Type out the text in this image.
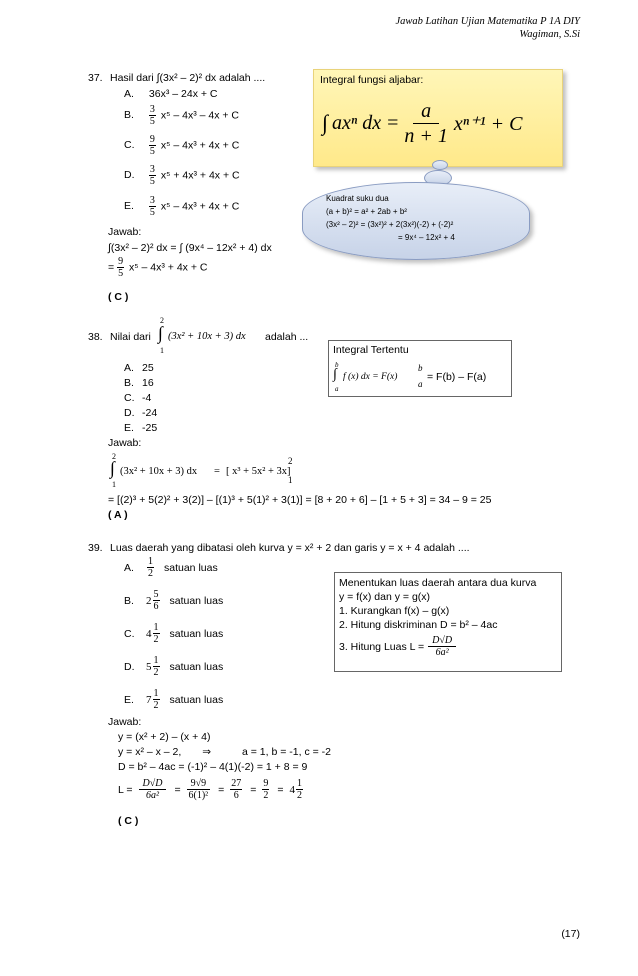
Jawab Latihan Ujian Matematika P 1A DIY
Wagiman, S.Si
37. Hasil dari ∫(3x² – 2)² dx adalah ....
A. 36x³ – 24x + C
B. $\frac{3}{5} x^5 - 4x^3 - 4x + C$
C. $\frac{9}{5} x^5 - 4x^3 + 4x + C$
D. $\frac{3}{5} x^5 + 4x^3 + 4x + C$
E. $\frac{3}{5} x^5 - 4x^3 + 4x + C$
Jawab:
∫(3x² – 2)² dx = ∫ (9x⁴ – 12x² + 4) dx
= $\frac{9}{5} x^5 - 4x^3 + 4x + C$
( C )
Integral fungsi aljabar:
∫ axⁿ dx = $\frac{a}{n + 1} x^{n+1} + C$
Kuadrat suku dua
(a + b)² = a² + 2ab + b²
(3x² – 2)² = (3x²)² + 2(3x²)(-2) + (-2)²
= 9x⁴ – 12x² + 4
38. Nilai dari
2
∫
1
(3x² + 10x + 3) dx adalah ...
A. 25
B. 16
C. -4
D. -24
E. -25
Jawab:
2
∫
1
(3x² + 10x + 3) dx = [ x³ + 5x² + 3x]
2
1
= [(2)³ + 5(2)² + 3(2)] – [(1)³ + 5(1)² + 3(1)] = [8 + 20 + 6] – [1 + 5 + 3] = 34 – 9 = 25
( A )
Integral Tertentu
b
∫
a
f (x) dx = F(x)
b
a
= F(b) – F(a)
39. Luas daerah yang dibatasi oleh kurva y = x² + 2 dan garis y = x + 4 adalah ....
A.	$\frac{1}{2}$ satuan luas
B.	$2 \frac{5}{6}$ satuan luas
C.	$4 \frac{1}{2}$ satuan luas
D.	$5 \frac{1}{2}$ satuan luas
E.	$7 \frac{1}{2}$ satuan luas
Jawab:
y = (x² + 2) – (x + 4)
y = x² – x – 2, ⇒	a = 1, b = -1, c = -2
D = b² – 4ac = (-1)² – 4(1)(-2) = 1 + 8 = 9
$L = \frac{D√D}{\text{6a²}} = \frac{9√9}{\text{6(1)²}} = \frac{27}{6} = \frac{9}{2} = 4 \frac{1}{2}$
( C )
Menentukan luas daerah antara dua kurva
y = f(x) dan y = g(x)
1. Kurangkan f(x) – g(x)
2. Hitung diskriminan D = b² – 4ac
3. Hitung Luas $L = \frac{D√D}{\text{6a²}}$
(17)
